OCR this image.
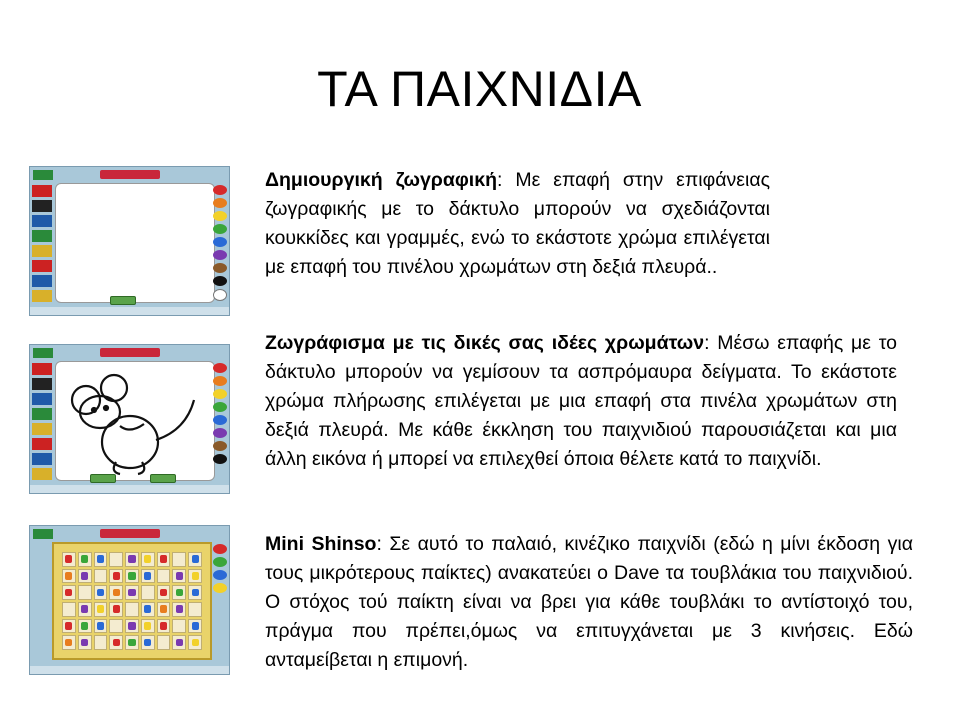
ΤΑ ΠΑΙΧΝΙΔΙΑ

Δημιουργική ζωγραφική: Με επαφή στην επιφάνειας ζωγραφικής με το δάκτυλο μπορούν να σχεδιάζονται κουκκίδες και γραμμές, ενώ το εκάστοτε χρώμα επιλέγεται με επαφή του πινέλου χρωμάτων στη δεξιά πλευρά..

Ζωγράφισμα με τις δικές σας ιδέες χρωμάτων: Μέσω επαφής με το δάκτυλο μπορούν να γεμίσουν τα ασπρόμαυρα δείγματα. Το εκάστοτε χρώμα πλήρωσης επιλέγεται με μια επαφή στα πινέλα χρωμάτων στη δεξιά πλευρά. Με κάθε έκκληση του παιχνιδιού παρουσιάζεται και μια άλλη εικόνα ή μπορεί να επιλεχθεί όποια θέλετε κατά το παιχνίδι.

Mini Shinso: Σε αυτό το παλαιό, κινέζικο παιχνίδι (εδώ η μίνι έκδοση για τους μικρότερους παίκτες) ανακατεύει ο Dave τα τουβλάκια του παιχνιδιού. Ο στόχος τού παίκτη είναι να βρει για κάθε τουβλάκι το αντίστοιχό του, πράγμα που πρέπει,όμως να επιτυγχάνεται με 3 κινήσεις. Εδώ ανταμείβεται η επιμονή.
